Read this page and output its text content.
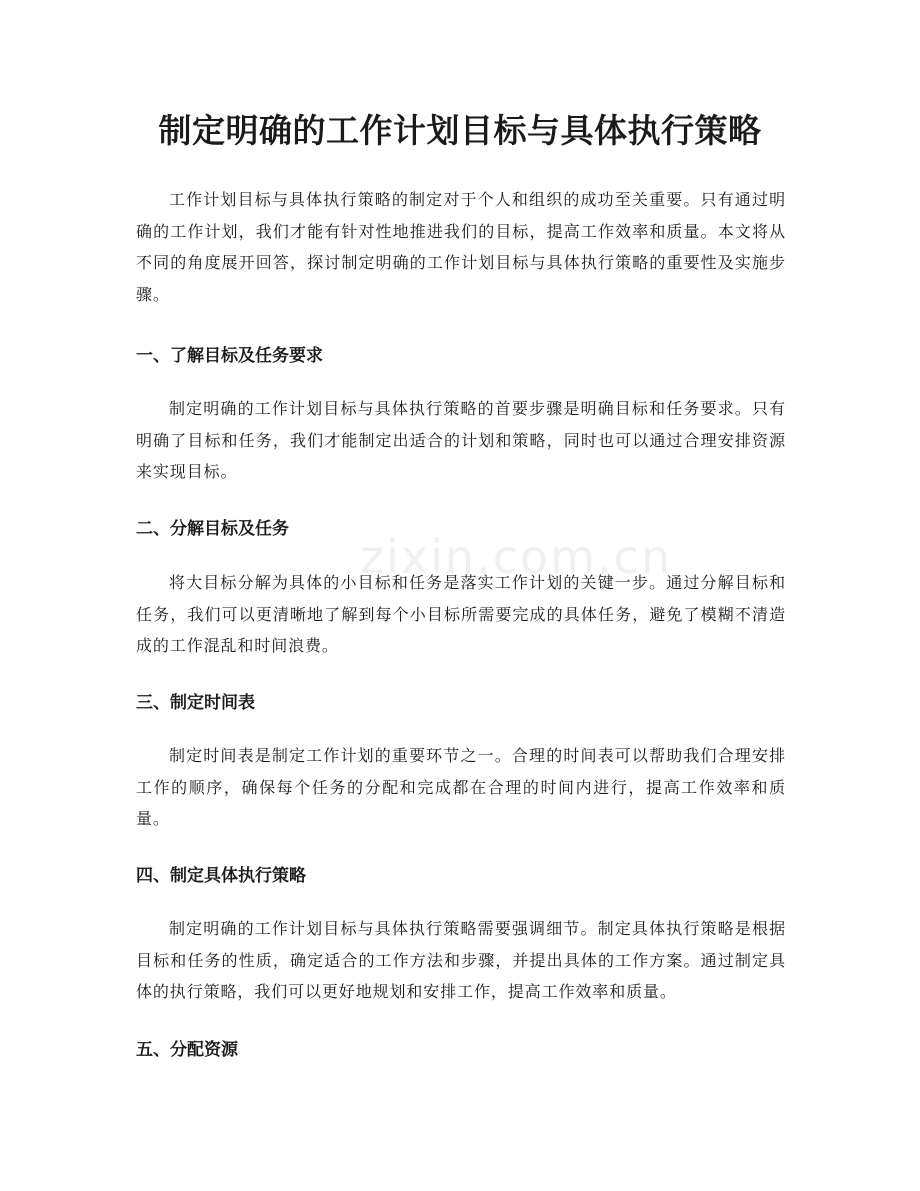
制定明确的工作计划目标与具体执行策略

工作计划目标与具体执行策略的制定对于个人和组织的成功至关重要。只有通过明确的工作计划，我们才能有针对性地推进我们的目标，提高工作效率和质量。本文将从不同的角度展开回答，探讨制定明确的工作计划目标与具体执行策略的重要性及实施步骤。

一、了解目标及任务要求

制定明确的工作计划目标与具体执行策略的首要步骤是明确目标和任务要求。只有明确了目标和任务，我们才能制定出适合的计划和策略，同时也可以通过合理安排资源来实现目标。

二、分解目标及任务

将大目标分解为具体的小目标和任务是落实工作计划的关键一步。通过分解目标和任务，我们可以更清晰地了解到每个小目标所需要完成的具体任务，避免了模糊不清造成的工作混乱和时间浪费。

三、制定时间表

制定时间表是制定工作计划的重要环节之一。合理的时间表可以帮助我们合理安排工作的顺序，确保每个任务的分配和完成都在合理的时间内进行，提高工作效率和质量。

四、制定具体执行策略

制定明确的工作计划目标与具体执行策略需要强调细节。制定具体执行策略是根据目标和任务的性质，确定适合的工作方法和步骤，并提出具体的工作方案。通过制定具体的执行策略，我们可以更好地规划和安排工作，提高工作效率和质量。

五、分配资源
zixin.com.cn
